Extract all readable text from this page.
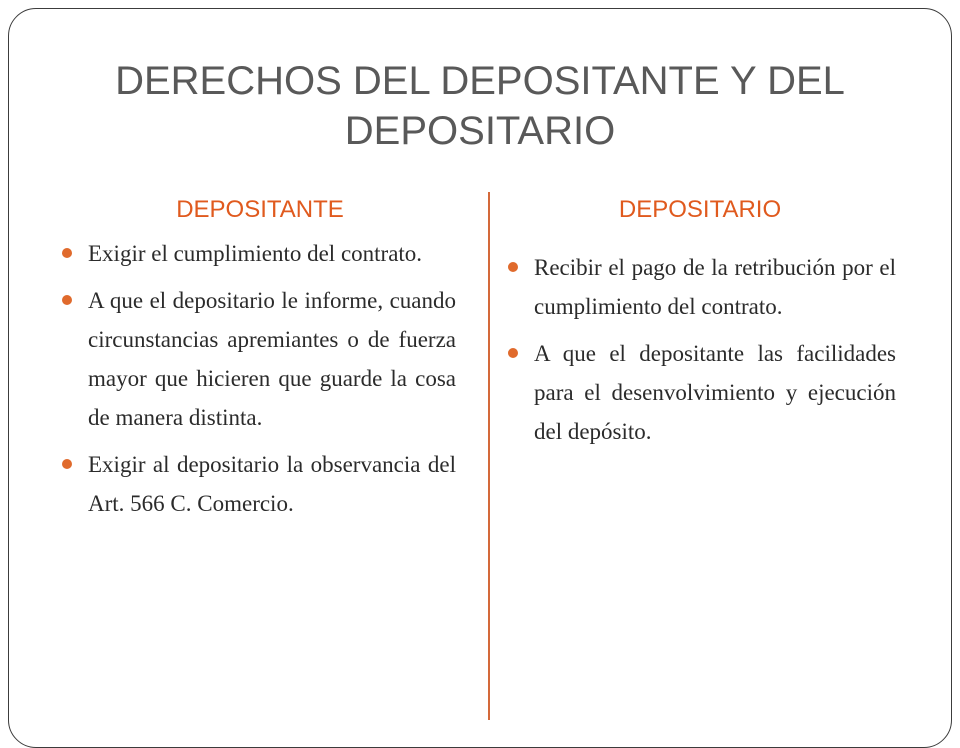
DERECHOS DEL DEPOSITANTE Y DEL DEPOSITARIO
DEPOSITANTE	DEPOSITARIO
Exigir el cumplimiento del contrato.
A que el depositario le informe, cuando circunstancias apremiantes o de fuerza mayor que hicieren que guarde la cosa de manera distinta.
Exigir al depositario la observancia del Art. 566 C. Comercio.
Recibir el pago de la retribución por el cumplimiento del contrato.
A que el depositante las facilidades para el desenvolvimiento y ejecución del depósito.
